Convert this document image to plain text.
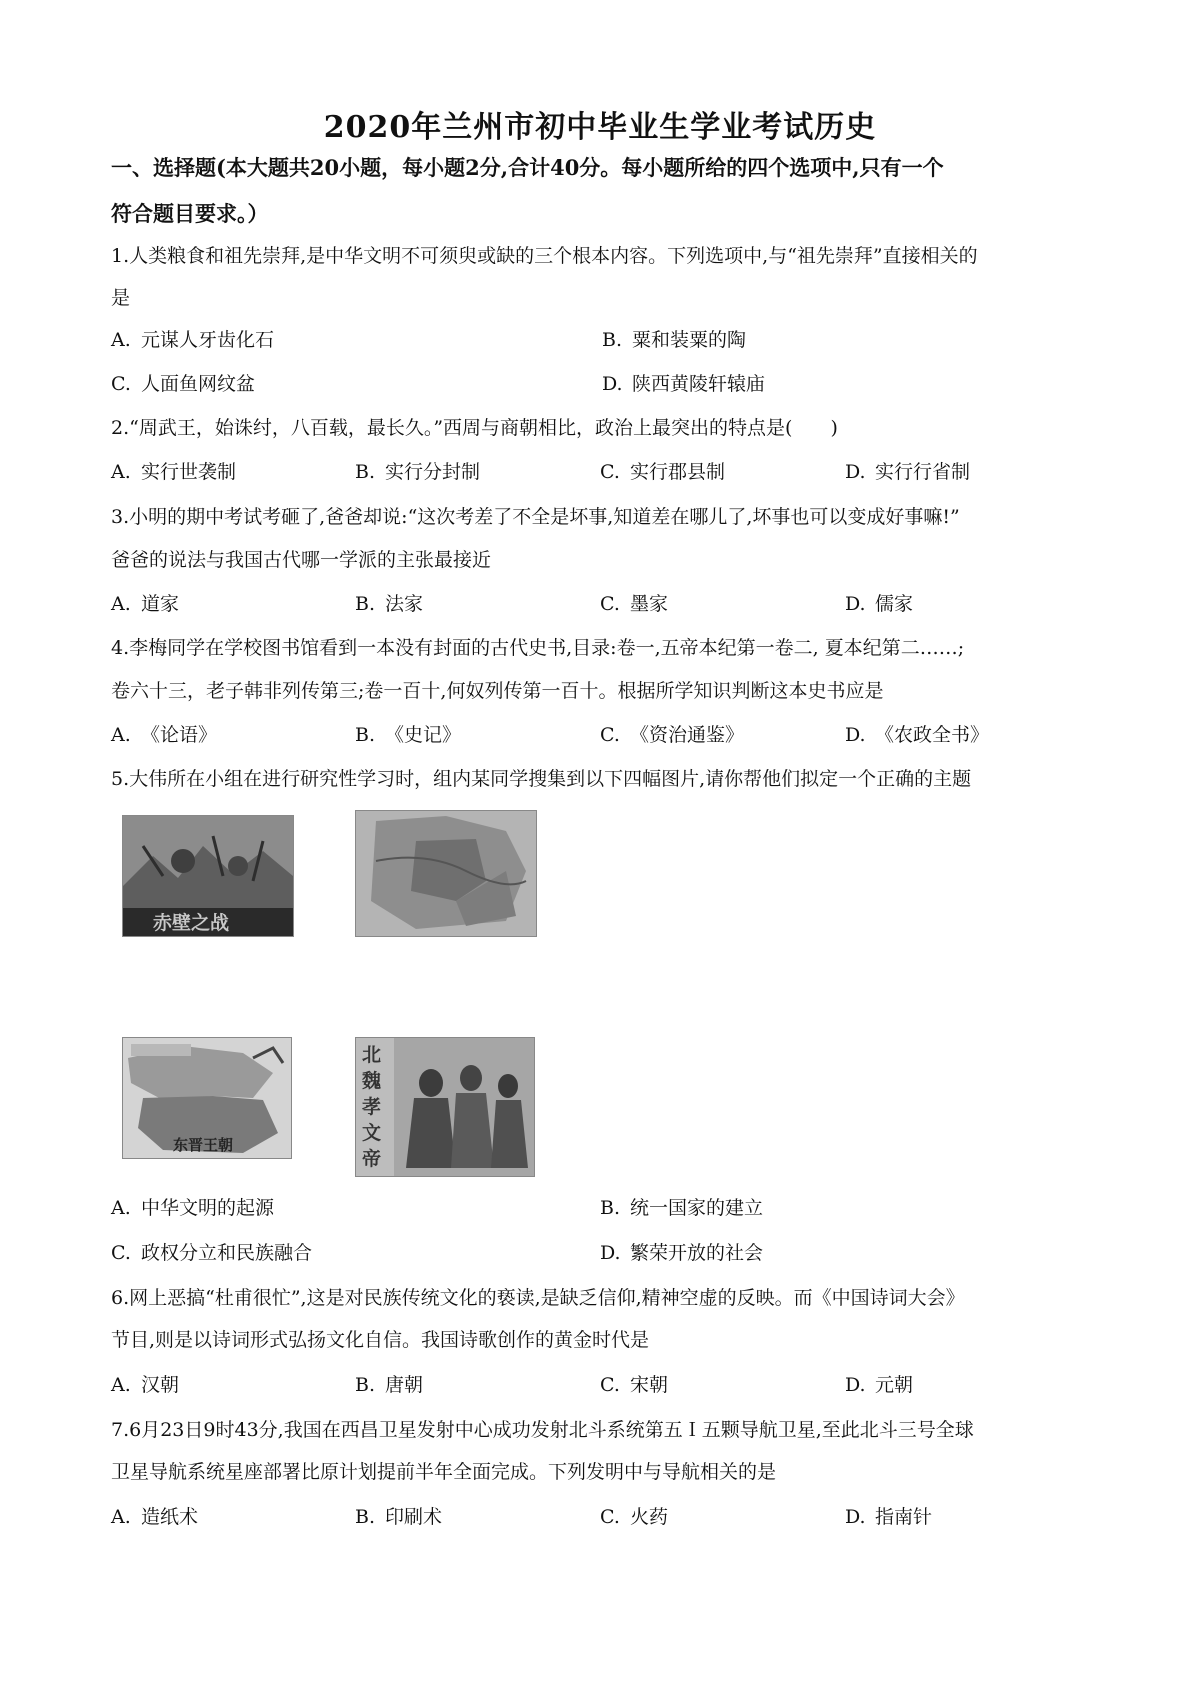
2020年兰州市初中毕业生学业考试历史
一、选择题(本大题共20小题，每小题2分,合计40分。每小题所给的四个选项中,只有一个
符合题目要求。）
1.人类粮食和祖先崇拜,是中华文明不可须臾或缺的三个根本内容。下列选项中,与“祖先崇拜”直接相关的
是
A. 元谋人牙齿化石	B. 粟和装粟的陶
C. 人面鱼网纹盆	D. 陕西黄陵轩辕庙
2.“周武王，始诛纣，八百载，最长久。”西周与商朝相比，政治上最突出的特点是(　　)
A. 实行世袭制	B. 实行分封制	C. 实行郡县制	D. 实行行省制
3.小明的期中考试考砸了,爸爸却说:“这次考差了不全是坏事,知道差在哪儿了,坏事也可以变成好事嘛!”
爸爸的说法与我国古代哪一学派的主张最接近
A. 道家	B. 法家	C. 墨家	D. 儒家
4.李梅同学在学校图书馆看到一本没有封面的古代史书,目录:卷一,五帝本纪第一卷二, 夏本纪第二……;
卷六十三，老子韩非列传第三;卷一百十,何奴列传第一百十。根据所学知识判断这本史书应是
A. 《论语》	B. 《史记》	C. 《资治通鉴》	D. 《农政全书》
5.大伟所在小组在进行研究性学习时，组内某同学搜集到以下四幅图片,请你帮他们拟定一个正确的主题
赤壁之战
东晋王朝
北魏孝文帝
A. 中华文明的起源	B. 统一国家的建立
C. 政权分立和民族融合	D. 繁荣开放的社会
6.网上恶搞“杜甫很忙”,这是对民族传统文化的亵读,是缺乏信仰,精神空虚的反映。而《中国诗词大会》
节目,则是以诗词形式弘扬文化自信。我国诗歌创作的黄金时代是
A. 汉朝	B. 唐朝	C. 宋朝	D. 元朝
7.6月23日9时43分,我国在西昌卫星发射中心成功发射北斗系统第五Ｉ五颗导航卫星,至此北斗三号全球
卫星导航系统星座部署比原计划提前半年全面完成。下列发明中与导航相关的是
A. 造纸术	B. 印刷术	C. 火药	D. 指南针
